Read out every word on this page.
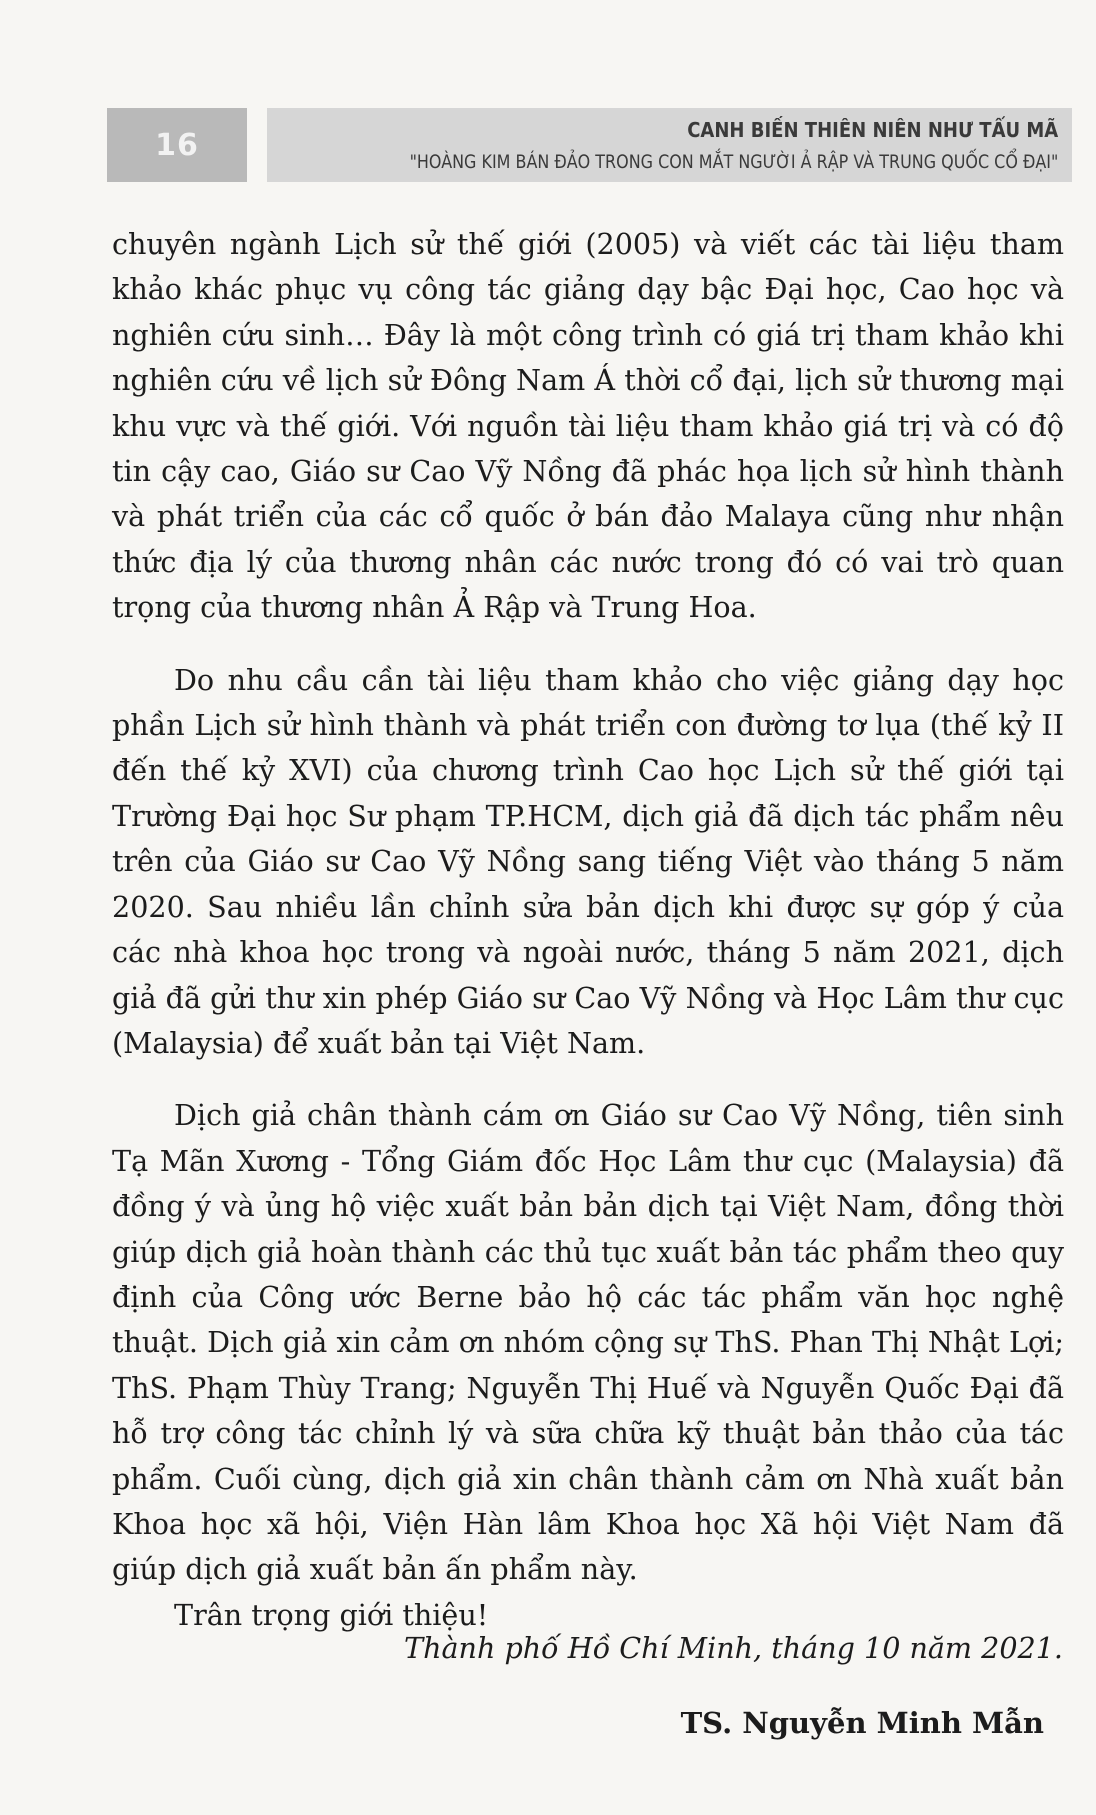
16	CANH BIẾN THIÊN NIÊN NHƯ TẨU MÃ
"HOÀNG KIM BÁN ĐẢO TRONG CON MẮT NGƯỜI Ả RẬP VÀ TRUNG QUỐC CỔ ĐẠI"

chuyên ngành Lịch sử thế giới (2005) và viết các tài liệu tham khảo khác phục vụ công tác giảng dạy bậc Đại học, Cao học và nghiên cứu sinh… Đây là một công trình có giá trị tham khảo khi nghiên cứu về lịch sử Đông Nam Á thời cổ đại, lịch sử thương mại khu vực và thế giới. Với nguồn tài liệu tham khảo giá trị và có độ tin cậy cao, Giáo sư Cao Vỹ Nồng đã phác họa lịch sử hình thành và phát triển của các cổ quốc ở bán đảo Malaya cũng như nhận thức địa lý của thương nhân các nước trong đó có vai trò quan trọng của thương nhân Ả Rập và Trung Hoa.

Do nhu cầu cần tài liệu tham khảo cho việc giảng dạy học phần Lịch sử hình thành và phát triển con đường tơ lụa (thế kỷ II đến thế kỷ XVI) của chương trình Cao học Lịch sử thế giới tại Trường Đại học Sư phạm TP.HCM, dịch giả đã dịch tác phẩm nêu trên của Giáo sư Cao Vỹ Nồng sang tiếng Việt vào tháng 5 năm 2020. Sau nhiều lần chỉnh sửa bản dịch khi được sự góp ý của các nhà khoa học trong và ngoài nước, tháng 5 năm 2021, dịch giả đã gửi thư xin phép Giáo sư Cao Vỹ Nồng và Học Lâm thư cục (Malaysia) để xuất bản tại Việt Nam.

Dịch giả chân thành cám ơn Giáo sư Cao Vỹ Nồng, tiên sinh Tạ Mãn Xương - Tổng Giám đốc Học Lâm thư cục (Malaysia) đã đồng ý và ủng hộ việc xuất bản bản dịch tại Việt Nam, đồng thời giúp dịch giả hoàn thành các thủ tục xuất bản tác phẩm theo quy định của Công ước Berne bảo hộ các tác phẩm văn học nghệ thuật. Dịch giả xin cảm ơn nhóm cộng sự ThS. Phan Thị Nhật Lợi; ThS. Phạm Thùy Trang; Nguyễn Thị Huế và Nguyễn Quốc Đại đã hỗ trợ công tác chỉnh lý và sữa chữa kỹ thuật bản thảo của tác phẩm. Cuối cùng, dịch giả xin chân thành cảm ơn Nhà xuất bản Khoa học xã hội, Viện Hàn lâm Khoa học Xã hội Việt Nam đã giúp dịch giả xuất bản ấn phẩm này.

Trân trọng giới thiệu!

Thành phố Hồ Chí Minh, tháng 10 năm 2021.
TS. Nguyễn Minh Mẫn
